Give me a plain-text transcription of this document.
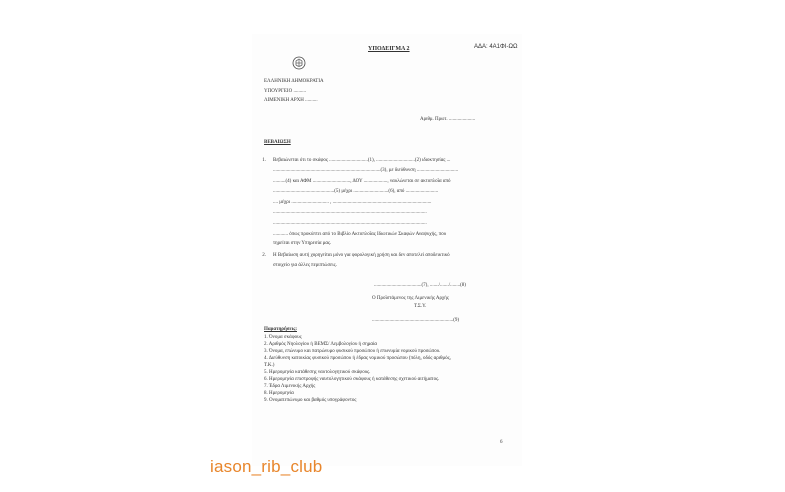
ΥΠΟΔΕΙΓΜΑ 2	ΑΔΑ: 4Α1ΦΙ-ΩΩ
ΕΛΛΗΝΙΚΗ ΔΗΜΟΚΡΑΤΙΑ
ΥΠΟΥΡΓΕΙΟ ..........
ΛΙΜΕΝΙΚΗ ΑΡΧΗ ..........
Αριθμ. Πρωτ. .....................
ΒΕΒΑΙΩΣΗ
1. Βεβαιώνεται ότι το σκάφος ...............................(1), ...............................(2) ιδιοκτησίας ...
......................................................................................(3), με διεύθυνση .................................
..........(4) και ΑΦΜ .............................., ΔΟΥ ..................., ναυλώνεται σε ακτοπλοΐα από
.................................................(5) μέχρι ............................(6), από ..........................
.... μέχρι .............................. , ...............................................................................
...........................................................................................................................
...........................................................................................................................
............ όπως προκύπτει από το Βιβλίο Ακτοπλοΐας Ιδιωτικών Σκαφών Αναψυχής, που
τηρείται στην Υπηρεσία μας.
2. Η Βεβαίωση αυτή χορηγείται μόνο για φορολογική χρήση και δεν αποτελεί αποδεικτικό
στοιχείο για άλλες περιπτώσεις.
......................................(7), ......./......./........(8)
Ο Προϊστάμενος της Λιμενικής Αρχής
Τ.Σ.Υ.
.................................................................(9)
Παρατηρήσεις:
1. Όνομα σκάφους
2. Αριθμός Νηολογίου ή ΒΕΜΣ/ Λεμβολογίου ή σημαία
3. Όνομα, επώνυμο και πατρώνυμο φυσικού προσώπου ή επωνυμία νομικού προσώπου.
4. Διεύθυνση κατοικίας φυσικού προσώπου ή έδρας νομικού προσώπου (πόλη, οδός αριθμός,
Τ.Κ.)
5. Ημερομηνία κατάθεσης ναυτολογητικού σκάφους.
6. Ημερομηνία επιστροφής ναυτολογητικού σκάφους ή κατάθεσης σχετικού αιτήματος.
7. Έδρα Λιμενικής Αρχής
8. Ημερομηνία
9. Ονοματεπώνυμο και βαθμός υπογράφοντος
6
iason_rib_club
